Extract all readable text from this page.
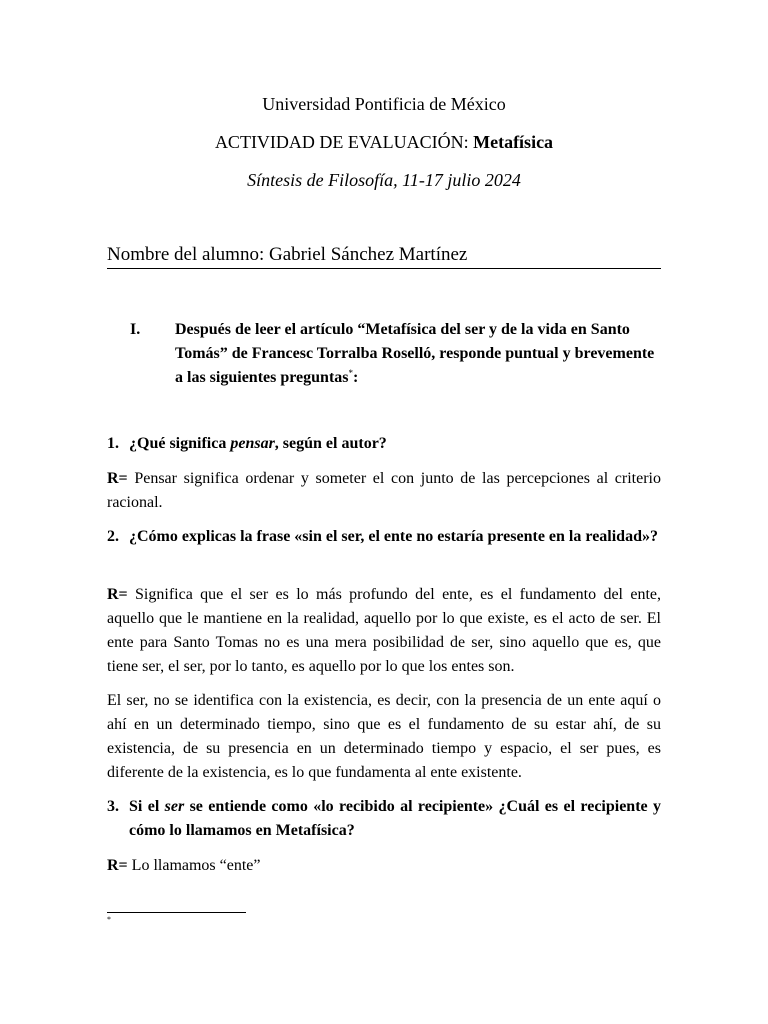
Universidad Pontificia de México
ACTIVIDAD DE EVALUACIÓN: Metafísica
Síntesis de Filosofía, 11-17 julio 2024
Nombre del alumno: Gabriel Sánchez Martínez
I. Después de leer el artículo “Metafísica del ser y de la vida en Santo Tomás” de Francesc Torralba Roselló, responde puntual y brevemente a las siguientes preguntas*:
1. ¿Qué significa pensar, según el autor?
R= Pensar significa ordenar y someter el con junto de las percepciones al criterio racional.
2. ¿Cómo explicas la frase «sin el ser, el ente no estaría presente en la realidad»?
R= Significa que el ser es lo más profundo del ente, es el fundamento del ente, aquello que le mantiene en la realidad, aquello por lo que existe, es el acto de ser. El ente para Santo Tomas no es una mera posibilidad de ser, sino aquello que es, que tiene ser, el ser, por lo tanto, es aquello por lo que los entes son.
El ser, no se identifica con la existencia, es decir, con la presencia de un ente aquí o ahí en un determinado tiempo, sino que es el fundamento de su estar ahí, de su existencia, de su presencia en un determinado tiempo y espacio, el ser pues, es diferente de la existencia, es lo que fundamenta al ente existente.
3. Si el ser se entiende como «lo recibido al recipiente» ¿Cuál es el recipiente y cómo lo llamamos en Metafísica?
R= Lo llamamos “ente”
*
